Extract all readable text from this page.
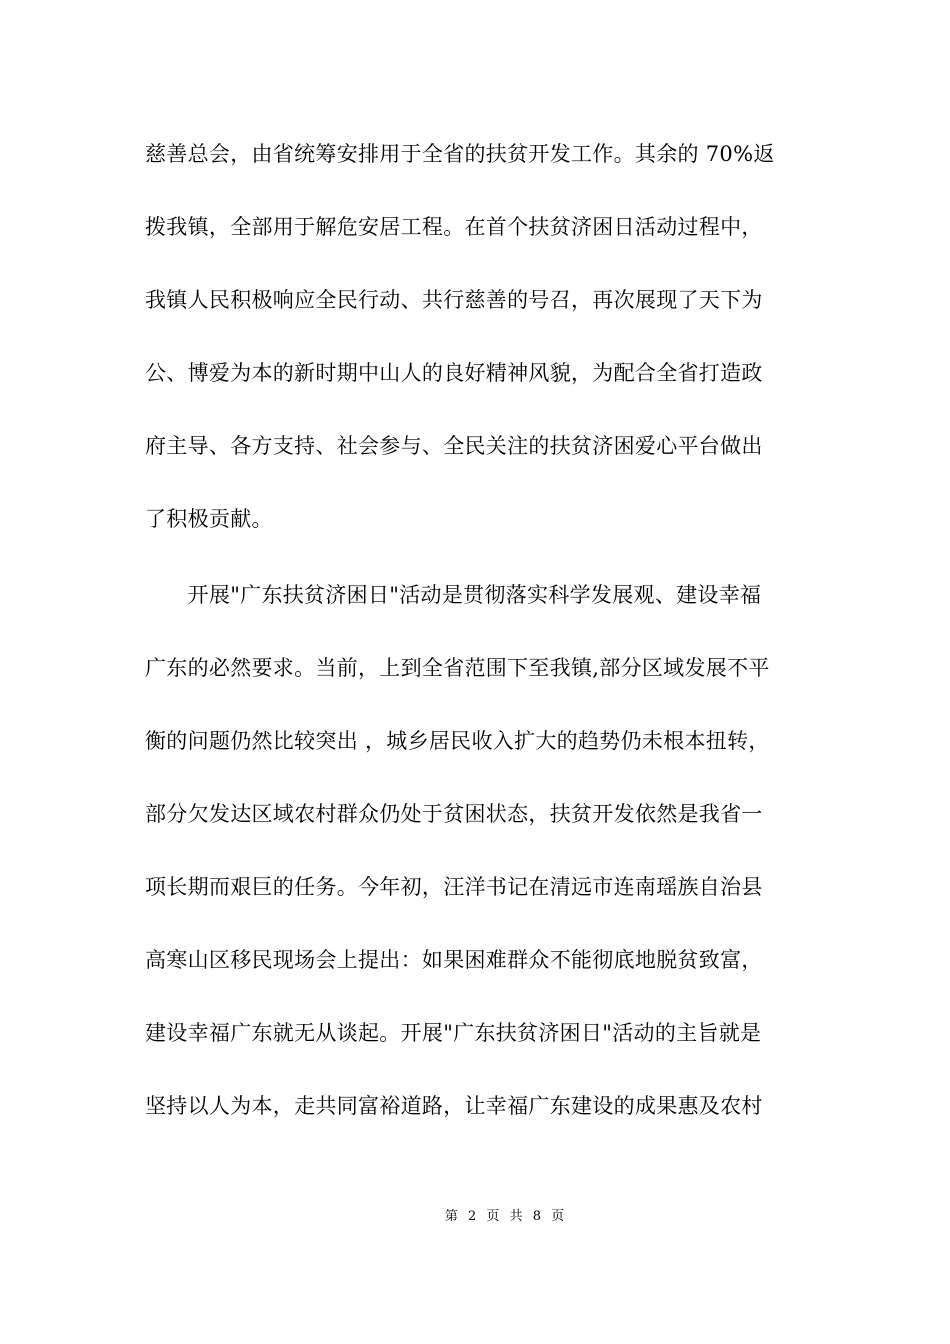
慈善总会，由省统筹安排用于全省的扶贫开发工作。其余的 70%返
拨我镇，全部用于解危安居工程。在首个扶贫济困日活动过程中，
我镇人民积极响应全民行动、共行慈善的号召，再次展现了天下为
公、博爱为本的新时期中山人的良好精神风貌，为配合全省打造政
府主导、各方支持、社会参与、全民关注的扶贫济困爱心平台做出
了积极贡献。
　　开展"广东扶贫济困日"活动是贯彻落实科学发展观、建设幸福
广东的必然要求。当前，上到全省范围下至我镇,部分区域发展不平
衡的问题仍然比较突出 ，城乡居民收入扩大的趋势仍未根本扭转，
部分欠发达区域农村群众仍处于贫困状态，扶贫开发依然是我省一
项长期而艰巨的任务。今年初，汪洋书记在清远市连南瑶族自治县
高寒山区移民现场会上提出：如果困难群众不能彻底地脱贫致富，
建设幸福广东就无从谈起。开展"广东扶贫济困日"活动的主旨就是
坚持以人为本，走共同富裕道路，让幸福广东建设的成果惠及农村
第 2 页 共 8 页
